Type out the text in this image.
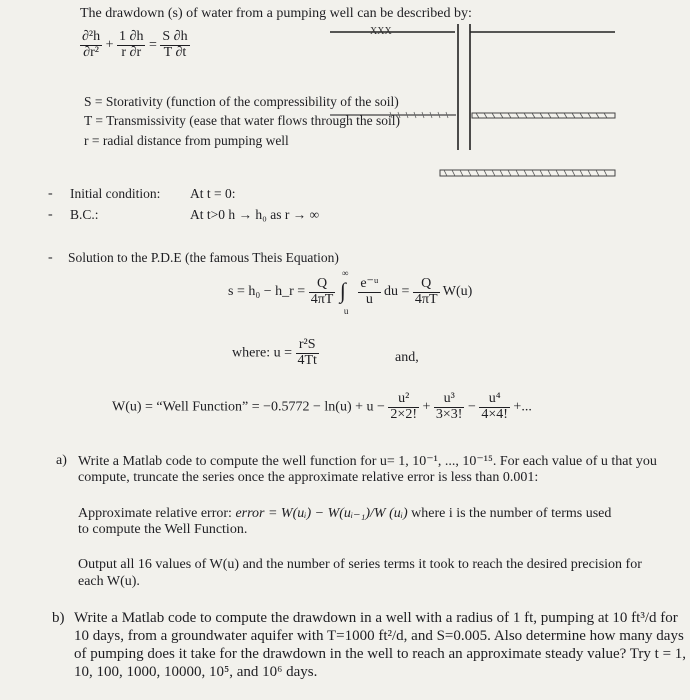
The drawdown (s) of water from a pumping well can be described by:
$\frac{\text{∂²h}}{\text{∂r²}} + \frac{1 \partial h}{r \partial r} = \frac{S \partial h}{T \partial t}$	XXX
S = Storativity (function of the compressibility of the soil)
T = Transmissivity (ease that water flows through the soil)
r = radial distance from pumping well
- Initial condition: At t = 0:
- B.C.:	At t>0 h → h₀ as r → ∞
- Solution to the P.D.E (the famous Theis Equation)
s = h₀ − h_r = $\frac{Q}{4\pi T}$

∞
∫
u

$\frac{\text{e⁻ᵘ}}{u}$ du = $\frac{Q}{4\pi T} W(u)$
where: $u = \frac{\text{r²S}}{4Tt}$	and,
W(u) = “Well Function” = $-0.5772 - \ln(u) + u - \frac{\text{u²}}{2\times 2!} + \frac{\text{u³}}{3\times 3!} - \frac{\text{u⁴}}{4\times 4!}$ +...
a) Write a Matlab code to compute the well function for u= 1, 10⁻¹, ..., 10⁻¹⁵. For each value of u that you
compute, truncate the series once the approximate relative error is less than 0.001:
Approximate relative error: error = W(uᵢ) − W(uᵢ₋₁)/W (uᵢ) where i is the number of terms used
to compute the Well Function.
Output all 16 values of W(u) and the number of series terms it took to reach the desired precision for
each W(u).
b) Write a Matlab code to compute the drawdown in a well with a radius of 1 ft, pumping at 10 ft³/d for
10 days, from a groundwater aquifer with T=1000 ft²/d, and S=0.005. Also determine how many days
of pumping does it take for the drawdown in the well to reach an approximate steady value? Try t = 1,
10, 100, 1000, 10000, 10⁵, and 10⁶ days.
